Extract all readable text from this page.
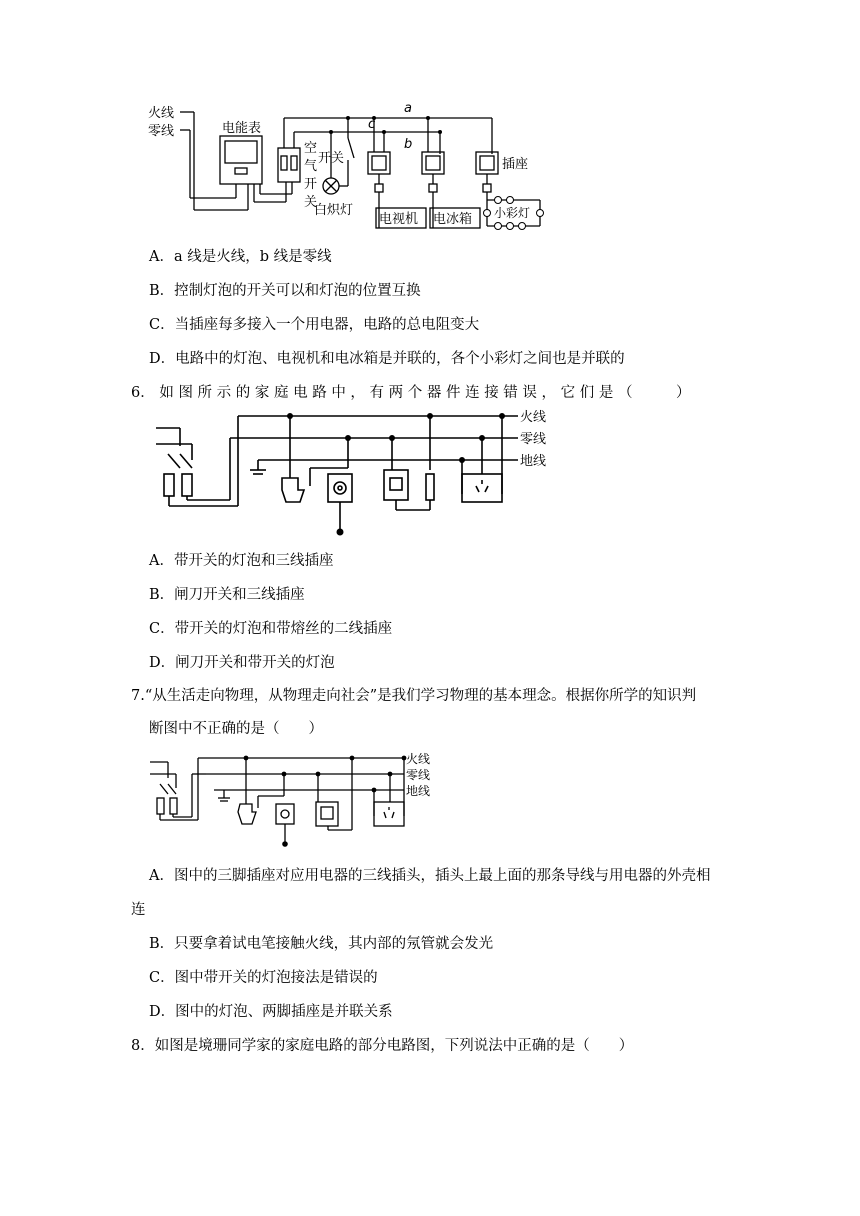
火线
零线	电能表
空
气
开
关
开关
白炽灯
插座
电视机 电冰箱 小彩灯
a
b
c
A．a 线是火线，b 线是零线
B．控制灯泡的开关可以和灯泡的位置互换
C．当插座每多接入一个用电器，电路的总电阻变大
D．电路中的灯泡、电视机和电冰箱是并联的，各个小彩灯之间也是并联的
6． 如 图 所 示 的 家 庭 电 路 中 ， 有 两 个 器 件 连 接 错 误 ， 它 们 是 （　　　）
火线
零线
地线
A．带开关的灯泡和三线插座
B．闸刀开关和三线插座
C．带开关的灯泡和带熔丝的二线插座
D．闸刀开关和带开关的灯泡
7.“从生活走向物理，从物理走向社会”是我们学习物理的基本理念。根据你所学的知识判
断图中不正确的是（　　）
火线
零线
地线
A．图中的三脚插座对应用电器的三线插头，插头上最上面的那条导线与用电器的外壳相
连
B．只要拿着试电笔接触火线，其内部的氖管就会发光
C．图中带开关的灯泡接法是错误的
D．图中的灯泡、两脚插座是并联关系
8．如图是境珊同学家的家庭电路的部分电路图，下列说法中正确的是（　　）
